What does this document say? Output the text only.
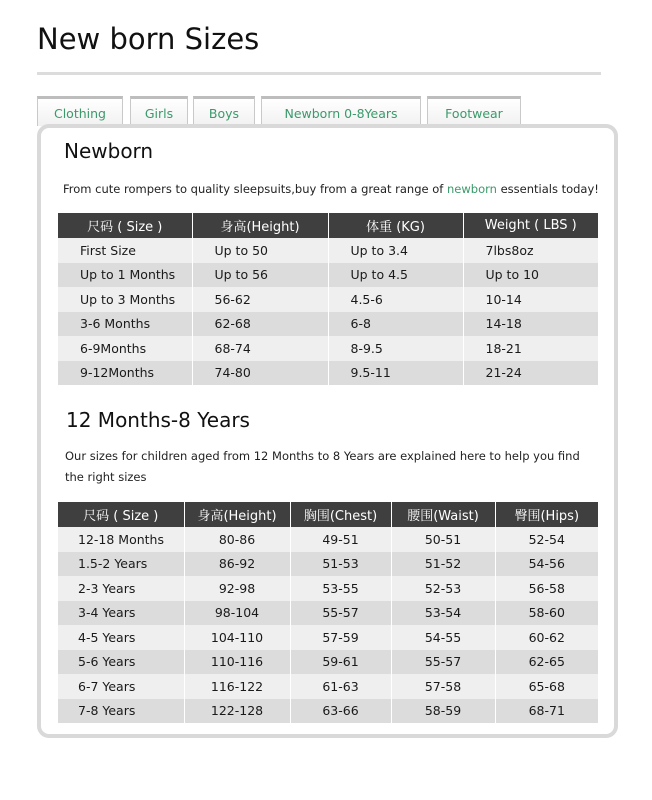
New born Sizes
Clothing	Girls	Boys	Newborn 0-8Years	Footwear
Newborn

From cute rompers to quality sleepsuits,buy from a great range of newborn essentials today!

尺码 ( Size )	身高(Height)	体重 (KG)	Weight ( LBS )
First Size	Up to 50	Up to 3.4	7lbs8oz
Up to 1 Months	Up to 56	Up to 4.5	Up to 10
Up to 3 Months	56-62	4.5-6	10-14
3-6 Months	62-68	6-8	14-18
6-9Months	68-74	8-9.5	18-21
9-12Months	74-80	9.5-11	21-24
12 Months-8 Years

Our sizes for children aged from 12 Months to 8 Years are explained here to help you find the right sizes

尺码 ( Size )	身高(Height)	胸围(Chest)	腰围(Waist)	臀围(Hips)
12-18 Months	80-86	49-51	50-51	52-54
1.5-2 Years	86-92	51-53	51-52	54-56
2-3 Years	92-98	53-55	52-53	56-58
3-4 Years	98-104	55-57	53-54	58-60
4-5 Years	104-110	57-59	54-55	60-62
5-6 Years	110-116	59-61	55-57	62-65
6-7 Years	116-122	61-63	57-58	65-68
7-8 Years	122-128	63-66	58-59	68-71
